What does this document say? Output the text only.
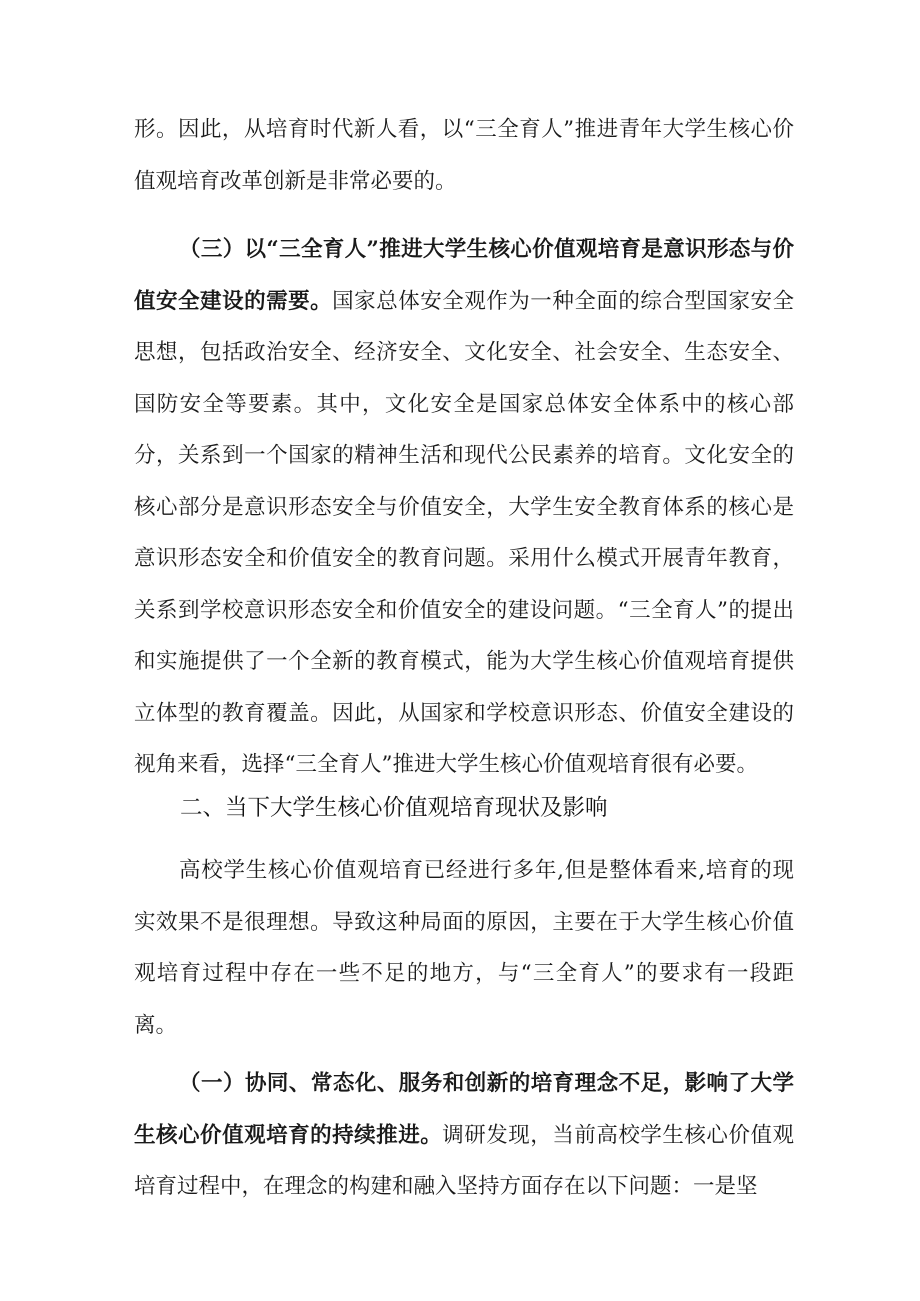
形。因此，从培育时代新人看，以“三全育人”推进青年大学生核心价值观培育改革创新是非常必要的。

（三）以“三全育人”推进大学生核心价值观培育是意识形态与价值安全建设的需要。国家总体安全观作为一种全面的综合型国家安全思想，包括政治安全、经济安全、文化安全、社会安全、生态安全、国防安全等要素。其中，文化安全是国家总体安全体系中的核心部分，关系到一个国家的精神生活和现代公民素养的培育。文化安全的核心部分是意识形态安全与价值安全，大学生安全教育体系的核心是意识形态安全和价值安全的教育问题。采用什么模式开展青年教育，关系到学校意识形态安全和价值安全的建设问题。“三全育人”的提出和实施提供了一个全新的教育模式，能为大学生核心价值观培育提供立体型的教育覆盖。因此，从国家和学校意识形态、价值安全建设的视角来看，选择“三全育人”推进大学生核心价值观培育很有必要。

二、当下大学生核心价值观培育现状及影响

高校学生核心价值观培育已经进行多年,但是整体看来,培育的现实效果不是很理想。导致这种局面的原因，主要在于大学生核心价值观培育过程中存在一些不足的地方，与“三全育人”的要求有一段距离。

（一）协同、常态化、服务和创新的培育理念不足，影响了大学生核心价值观培育的持续推进。调研发现，当前高校学生核心价值观培育过程中，在理念的构建和融入坚持方面存在以下问题：一是坚
